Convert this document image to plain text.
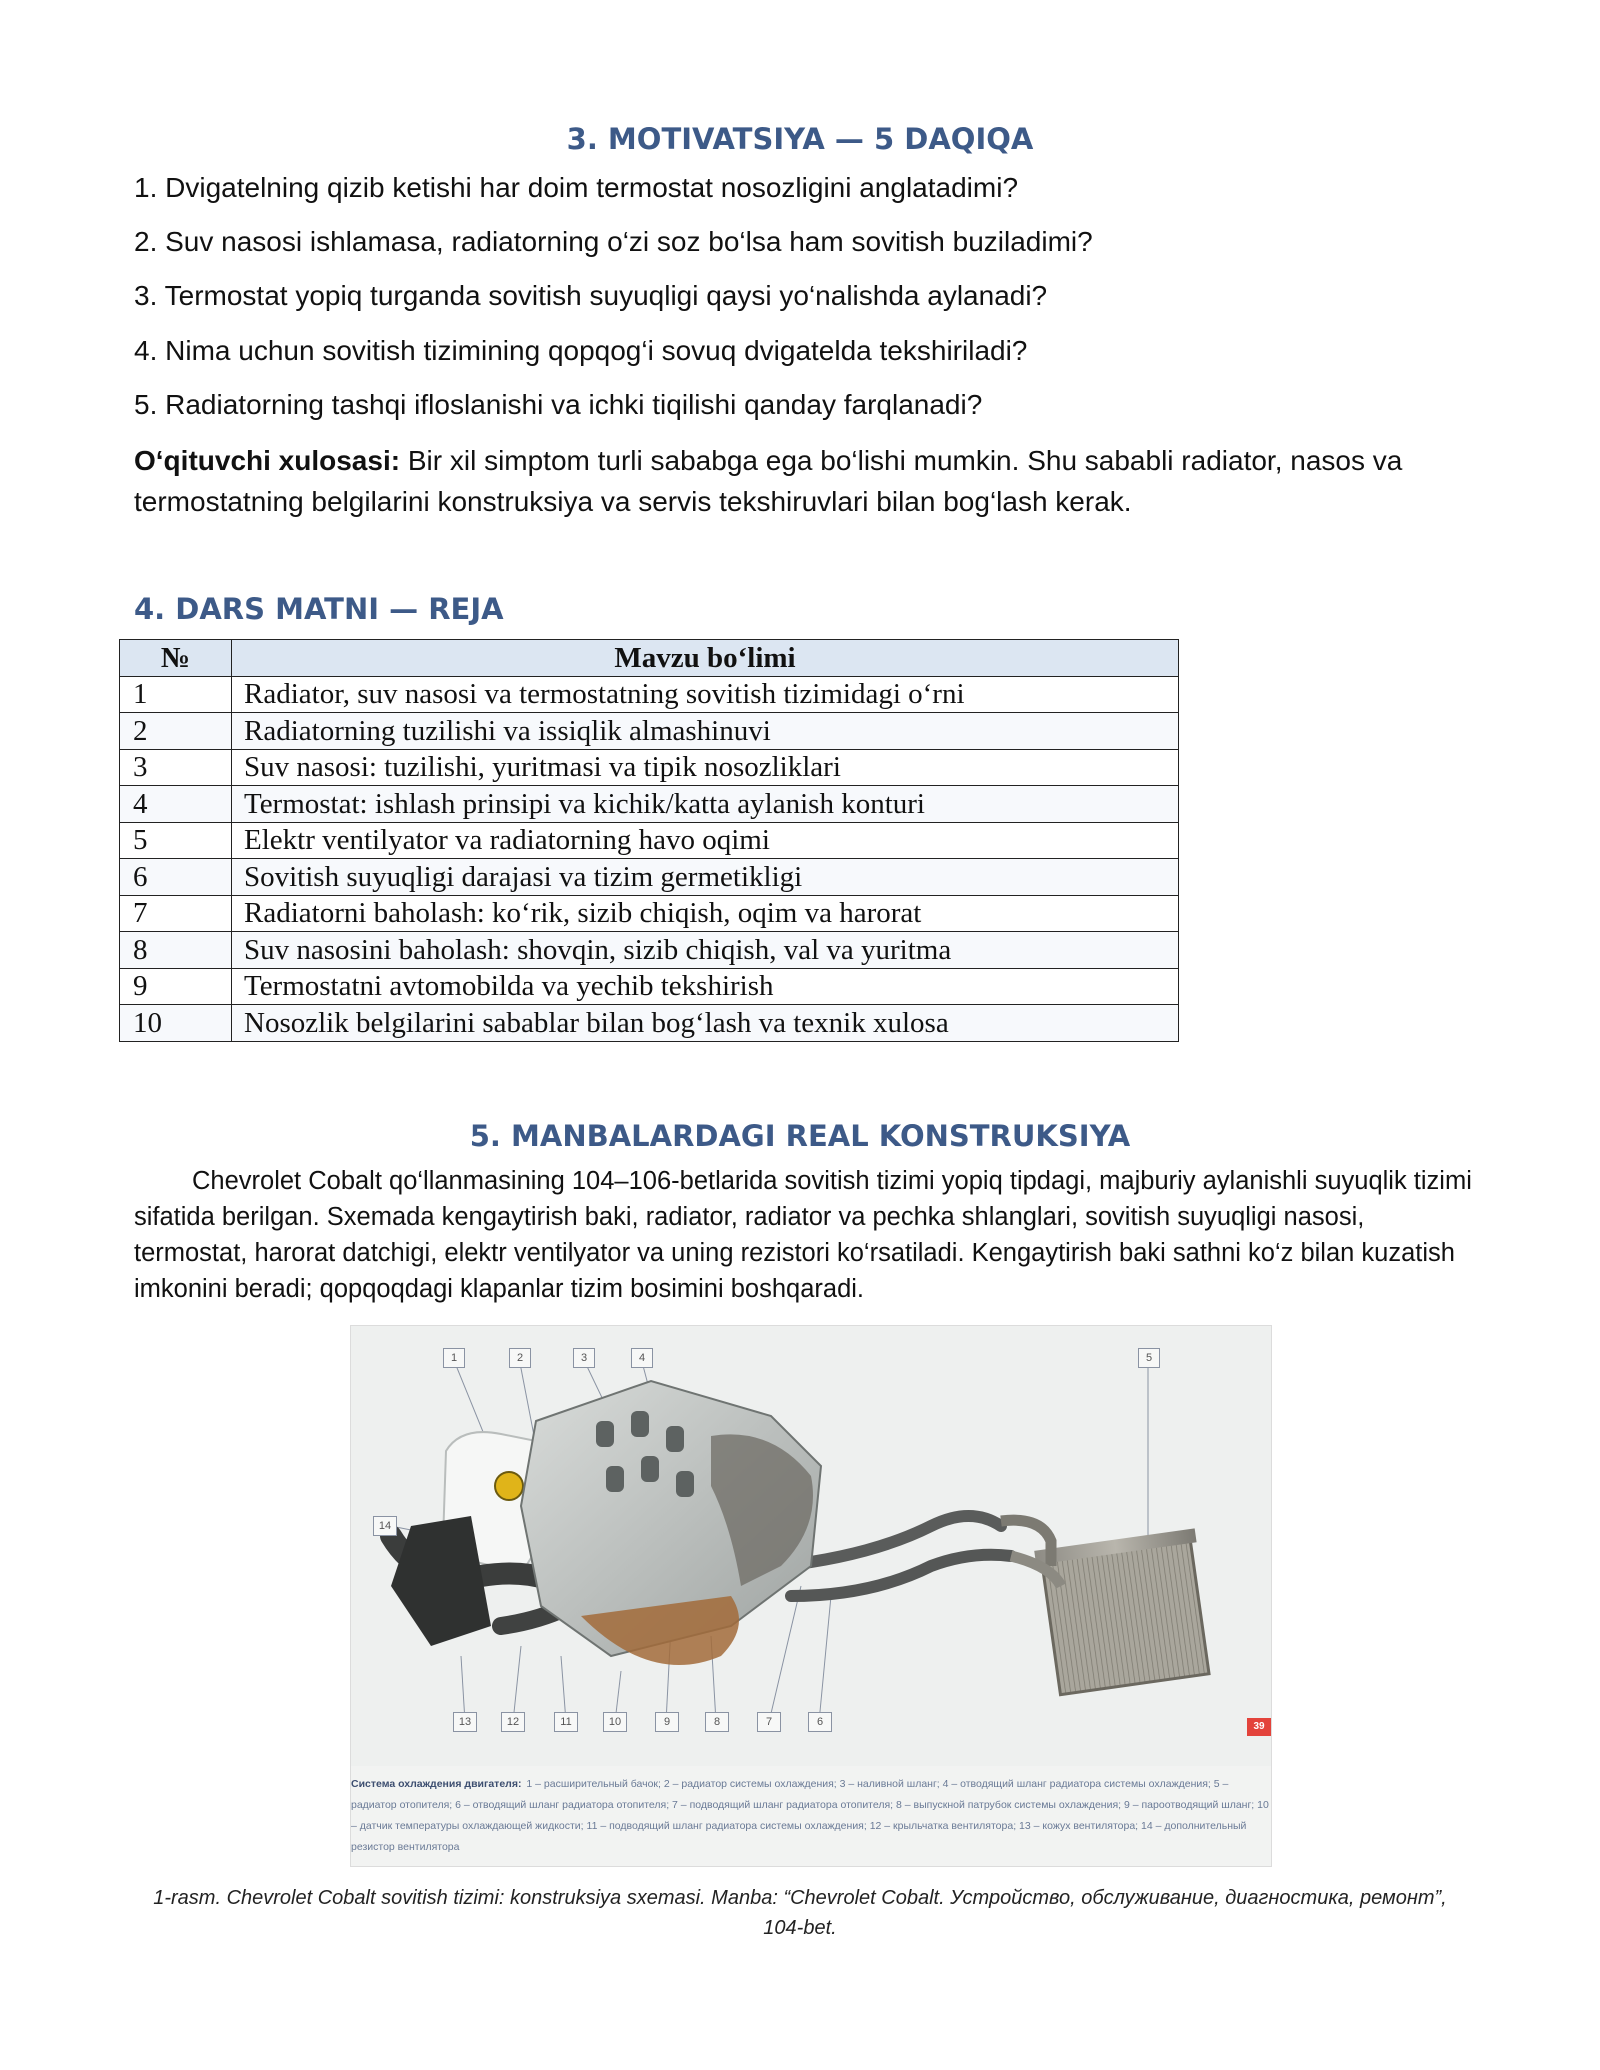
3. MOTIVATSIYA — 5 DAQIQA
1. Dvigatelning qizib ketishi har doim termostat nosozligini anglatadimi?
2. Suv nasosi ishlamasa, radiatorning o‘zi soz bo‘lsa ham sovitish buziladimi?
3. Termostat yopiq turganda sovitish suyuqligi qaysi yo‘nalishda aylanadi?
4. Nima uchun sovitish tizimining qopqog‘i sovuq dvigatelda tekshiriladi?
5. Radiatorning tashqi ifloslanishi va ichki tiqilishi qanday farqlanadi?
O‘qituvchi xulosasi: Bir xil simptom turli sababga ega bo‘lishi mumkin. Shu sababli radiator, nasos va termostatning belgilarini konstruksiya va servis tekshiruvlari bilan bog‘lash kerak.
4. DARS MATNI — REJA
№	Mavzu bo‘limi
1	Radiator, suv nasosi va termostatning sovitish tizimidagi o‘rni
2	Radiatorning tuzilishi va issiqlik almashinuvi
3	Suv nasosi: tuzilishi, yuritmasi va tipik nosozliklari
4	Termostat: ishlash prinsipi va kichik/katta aylanish konturi
5	Elektr ventilyator va radiatorning havo oqimi
6	Sovitish suyuqligi darajasi va tizim germetikligi
7	Radiatorni baholash: ko‘rik, sizib chiqish, oqim va harorat
8	Suv nasosini baholash: shovqin, sizib chiqish, val va yuritma
9	Termostatni avtomobilda va yechib tekshirish
10	Nosozlik belgilarini sabablar bilan bog‘lash va texnik xulosa
5. MANBALARDAGI REAL KONSTRUKSIYA
Chevrolet Cobalt qo‘llanmasining 104–106-betlarida sovitish tizimi yopiq tipdagi, majburiy aylanishli suyuqlik tizimi sifatida berilgan. Sxemada kengaytirish baki, radiator, radiator va pechka shlanglari, sovitish suyuqligi nasosi, termostat, harorat datchigi, elektr ventilyator va uning rezistori ko‘rsatiladi. Kengaytirish baki sathni ko‘z bilan kuzatish imkonini beradi; qopqoqdagi klapanlar tizim bosimini boshqaradi.
1	2	3	4	5
14
13	12	11	10	9	8	7	6	39
Система охлаждения двигателя: 1 – расширительный бачок; 2 – радиатор системы охлаждения; 3 – наливной шланг; 4 – отводящий шланг радиатора системы охлаждения; 5 – радиатор отопителя; 6 – отводящий шланг радиатора отопителя; 7 – подводящий шланг радиатора отопителя; 8 – выпускной патрубок системы охлаждения; 9 – пароотводящий шланг; 10 – датчик температуры охлаждающей жидкости; 11 – подводящий шланг радиатора системы охлаждения; 12 – крыльчатка вентилятора; 13 – кожух вентилятора; 14 – дополнительный резистор вентилятора
1-rasm. Chevrolet Cobalt sovitish tizimi: konstruksiya sxemasi. Manba: “Chevrolet Cobalt. Устройство, обслуживание, диагностика, ремонт”, 104-bet.
